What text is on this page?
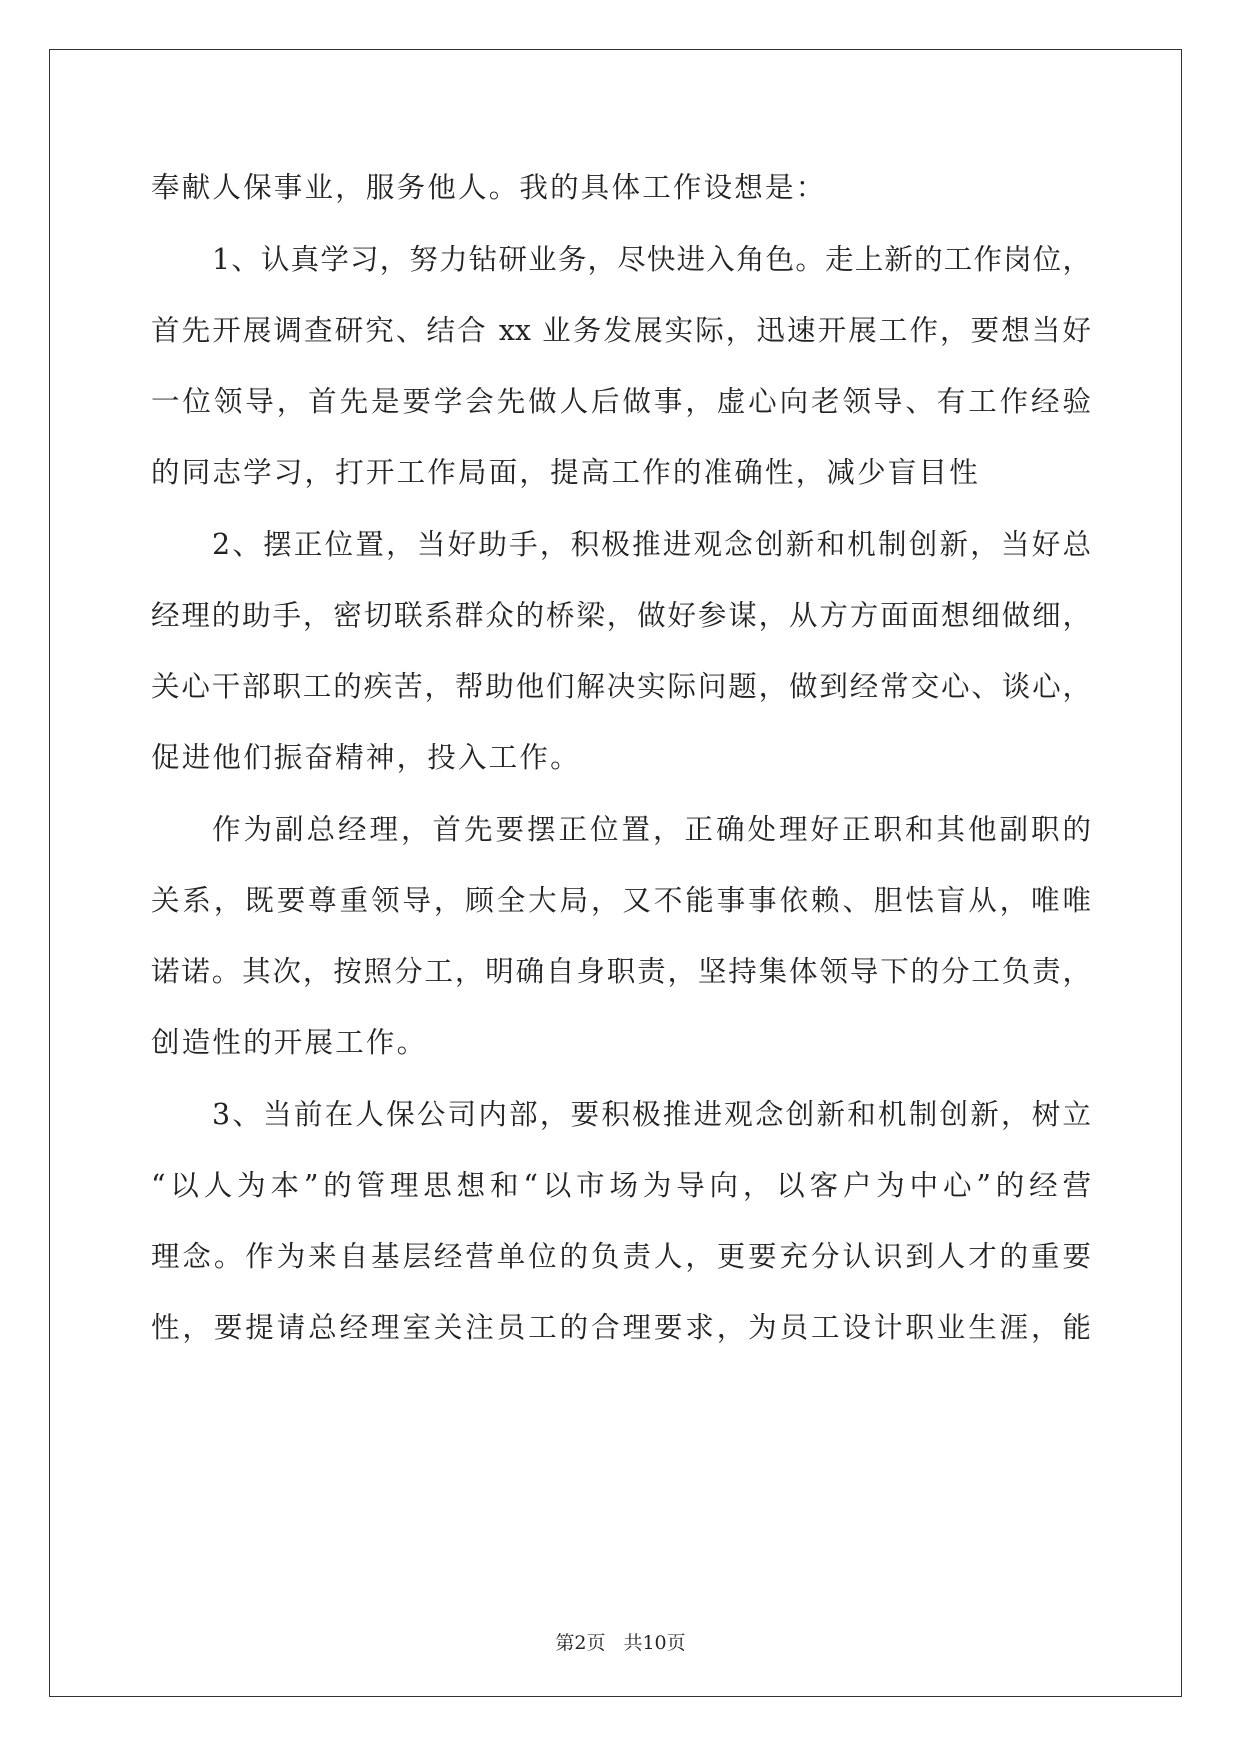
奉献人保事业，服务他人。我的具体工作设想是：
1、认真学习，努力钻研业务，尽快进入角色。走上新的工作岗位，
首先开展调查研究、结合 xx 业务发展实际，迅速开展工作，要想当好
一位领导，首先是要学会先做人后做事，虚心向老领导、有工作经验
的同志学习，打开工作局面，提高工作的准确性，减少盲目性
2、摆正位置，当好助手，积极推进观念创新和机制创新，当好总
经理的助手，密切联系群众的桥梁，做好参谋，从方方面面想细做细，
关心干部职工的疾苦，帮助他们解决实际问题，做到经常交心、谈心，
促进他们振奋精神，投入工作。
作为副总经理，首先要摆正位置，正确处理好正职和其他副职的
关系，既要尊重领导，顾全大局，又不能事事依赖、胆怯盲从，唯唯
诺诺。其次，按照分工，明确自身职责，坚持集体领导下的分工负责，
创造性的开展工作。
3、当前在人保公司内部，要积极推进观念创新和机制创新，树立
“以人为本”的管理思想和“以市场为导向，以客户为中心”的经营
理念。作为来自基层经营单位的负责人，更要充分认识到人才的重要
性，要提请总经理室关注员工的合理要求，为员工设计职业生涯，能
第2页 共10页
